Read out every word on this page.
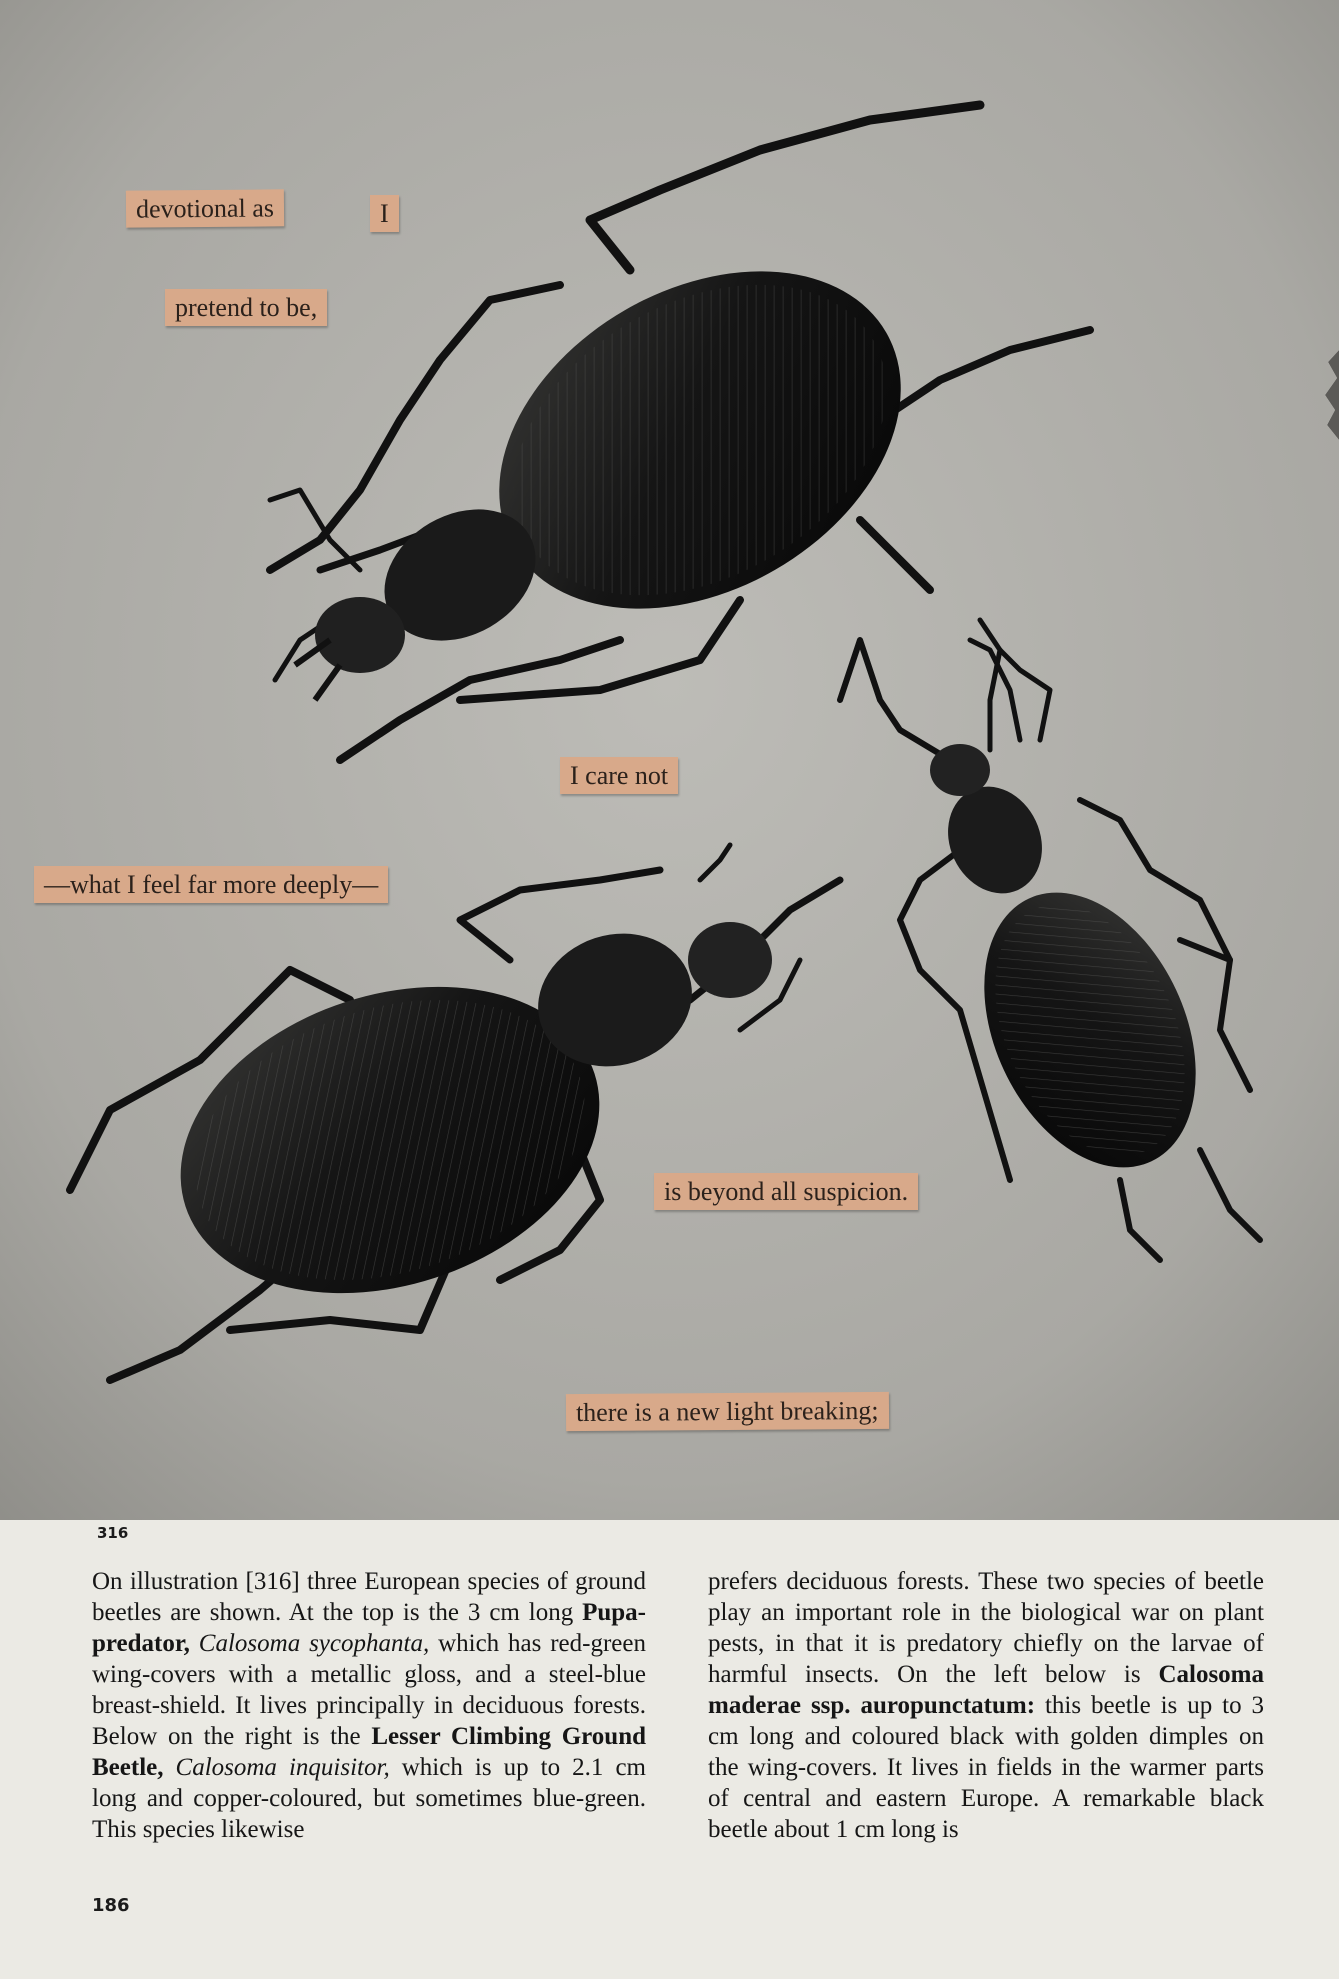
devotional as	I
pretend to be,
I care not
—what I feel far more deeply—
is beyond all suspicion.
there is a new light breaking;
316

On illustration [316] three European species of ground beetles are shown. At the top is the 3 cm long Pupa-predator, Calosoma sycophanta, which has red-green wing-covers with a metallic gloss, and a steel-blue breast-shield. It lives principally in deciduous forests. Below on the right is the Lesser Climbing Ground Beetle, Calosoma inquisitor, which is up to 2.1 cm long and copper-coloured, but sometimes blue-green. This species likewise

prefers deciduous forests. These two species of beetle play an important role in the biological war on plant pests, in that it is predatory chiefly on the larvae of harmful insects. On the left below is Calosoma maderae ssp. auropunctatum: this beetle is up to 3 cm long and coloured black with golden dimples on the wing-covers. It lives in fields in the warmer parts of central and eastern Europe. A remarkable black beetle about 1 cm long is

186
